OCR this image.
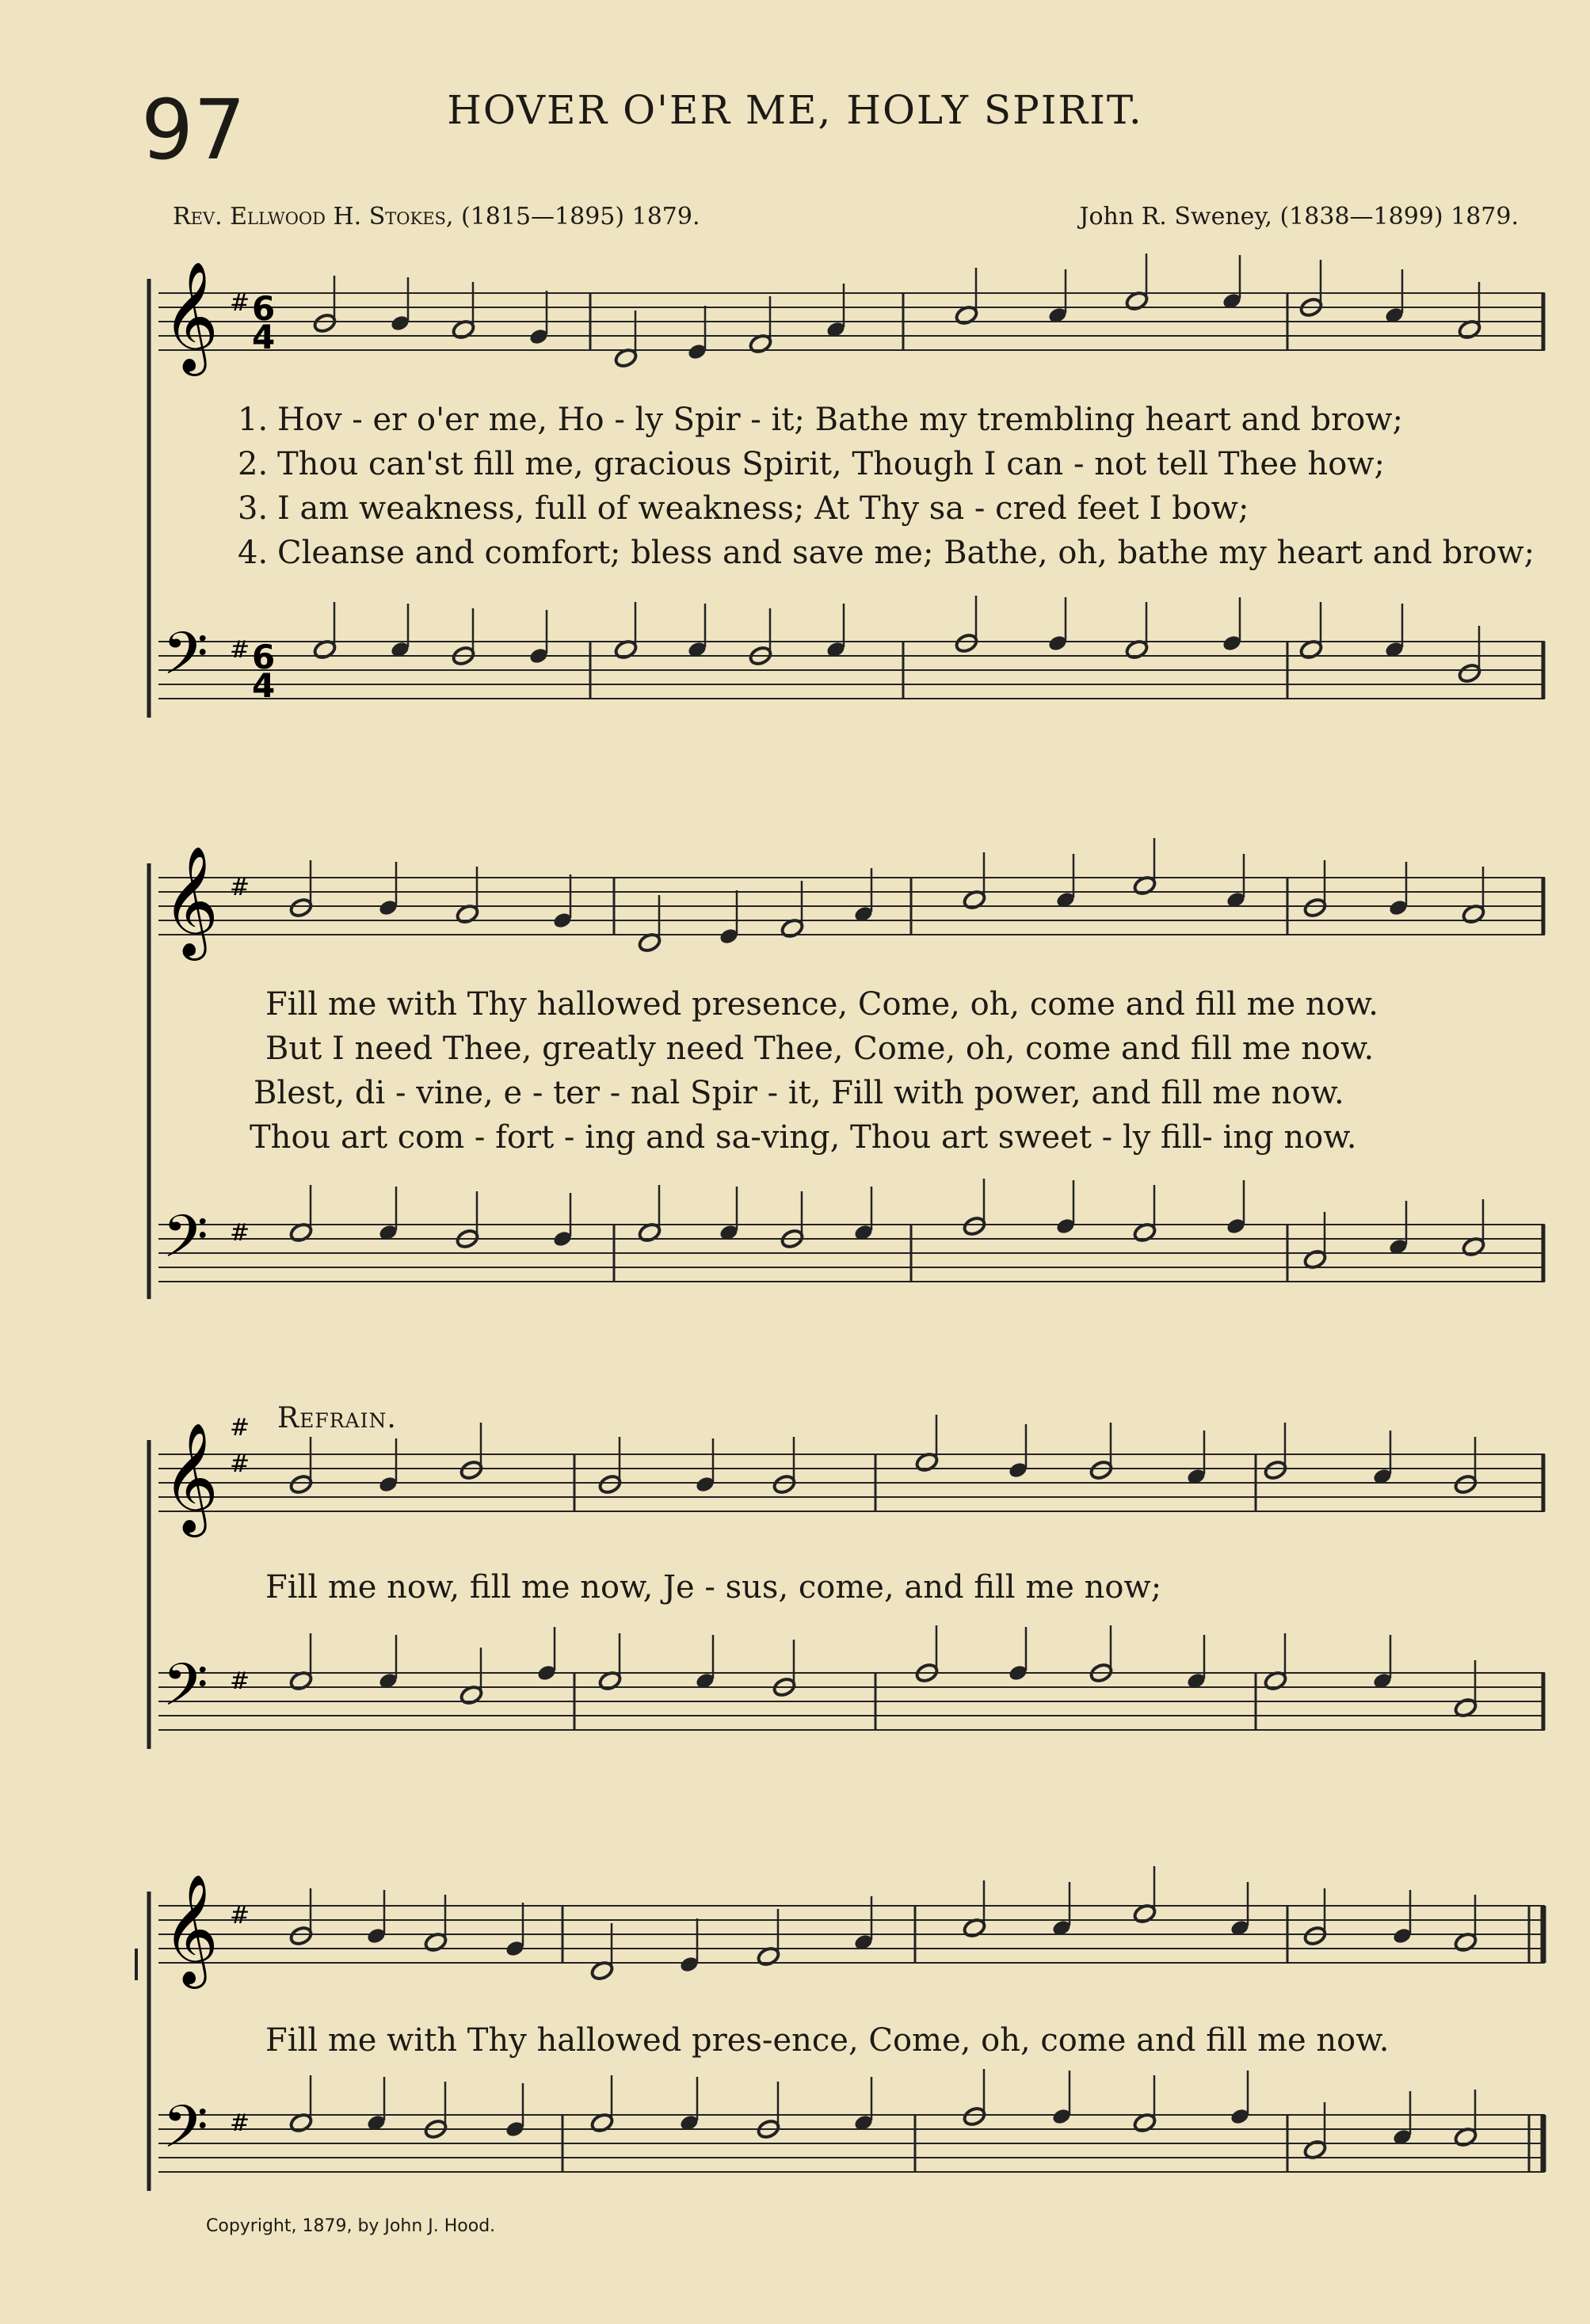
97	HOVER O'ER ME, HOLY SPIRIT.
Rev. Ellwood H. Stokes, (1815—1895) 1879.	John R. Sweney, (1838—1899) 1879.
𝄞
𝄢
#
#
6
4
6
4
𝄞
𝄢
#
#
𝄞
𝄢
#
#
#
𝄞
𝄢
#
#
1. Hov - er o'er me, Ho - ly Spir - it; Bathe my trembling heart and brow;
2. Thou can'st fill me, gracious Spirit, Though I can - not tell Thee how;
3. I am weakness, full of weakness; At Thy sa - cred feet I bow;
4. Cleanse and comfort; bless and save me; Bathe, oh, bathe my heart and brow;
Fill me with Thy hallowed presence, Come, oh, come and fill me now.
But I need Thee, greatly need Thee, Come, oh, come and fill me now.
Blest, di - vine, e - ter - nal Spir - it, Fill with power, and fill me now.
Thou art com - fort - ing and sa-ving, Thou art sweet - ly fill- ing now.
Refrain.
Fill me now, fill me now, Je - sus, come, and fill me now;
Fill me with Thy hallowed pres-ence, Come, oh, come and fill me now.
Copyright, 1879, by John J. Hood.
